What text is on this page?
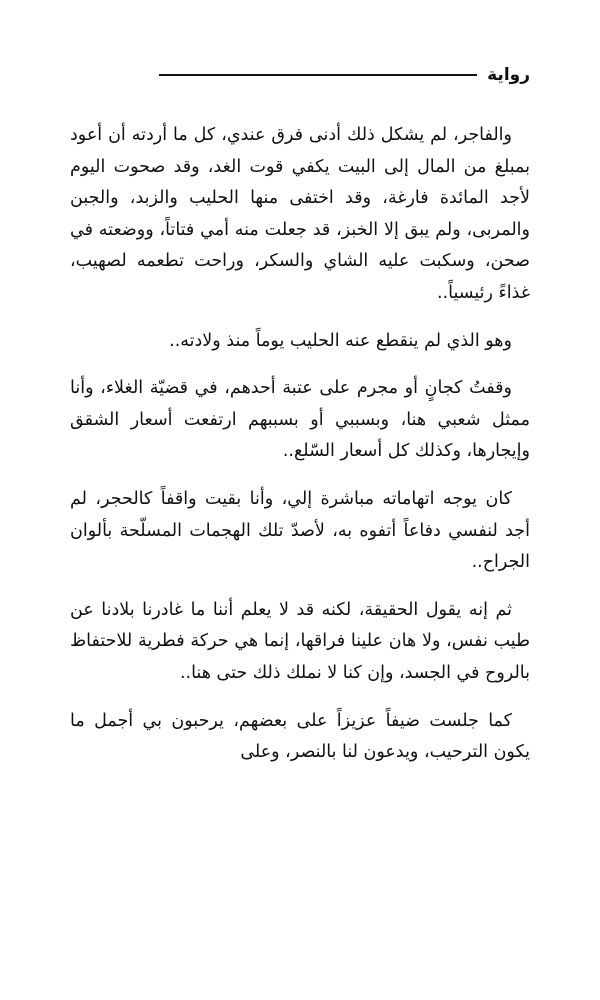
رواية

والفاجر، لم يشكل ذلك أدنى فرق عندي، كل ما أردته أن أعود بمبلغ من المال إلى البيت يكفي قوت الغد، وقد صحوت اليوم لأجد المائدة فارغة، وقد اختفى منها الحليب والزبد، والجبن والمربى، ولم يبق إلا الخبز، قد جعلت منه أمي فتاتاً، ووضعته في صحن، وسكبت عليه الشاي والسكر، وراحت تطعمه لصهيب، غذاءً رئيسياً..

وهو الذي لم ينقطع عنه الحليب يوماً منذ ولادته..

وقفتُ كجانٍ أو مجرم على عتبة أحدهم، في قضيّة الغلاء، وأنا ممثل شعبي هنا، وبسببي أو بسببهم ارتفعت أسعار الشقق وإيجارها، وكذلك كل أسعار السّلع..

كان يوجه اتهاماته مباشرة إلي، وأنا بقيت واقفاً كالحجر، لم أجد لنفسي دفاعاً أتفوه به، لأصدّ تلك الهجمات المسلّحة بألوان الجراح..

ثم إنه يقول الحقيقة، لكنه قد لا يعلم أننا ما غادرنا بلادنا عن طيب نفس، ولا هان علينا فراقها، إنما هي حركة فطرية للاحتفاظ بالروح في الجسد، وإن كنا لا نملك ذلك حتى هنا..

كما جلست ضيفاً عزيزاً على بعضهم، يرحبون بي أجمل ما يكون الترحيب، ويدعون لنا بالنصر، وعلى
